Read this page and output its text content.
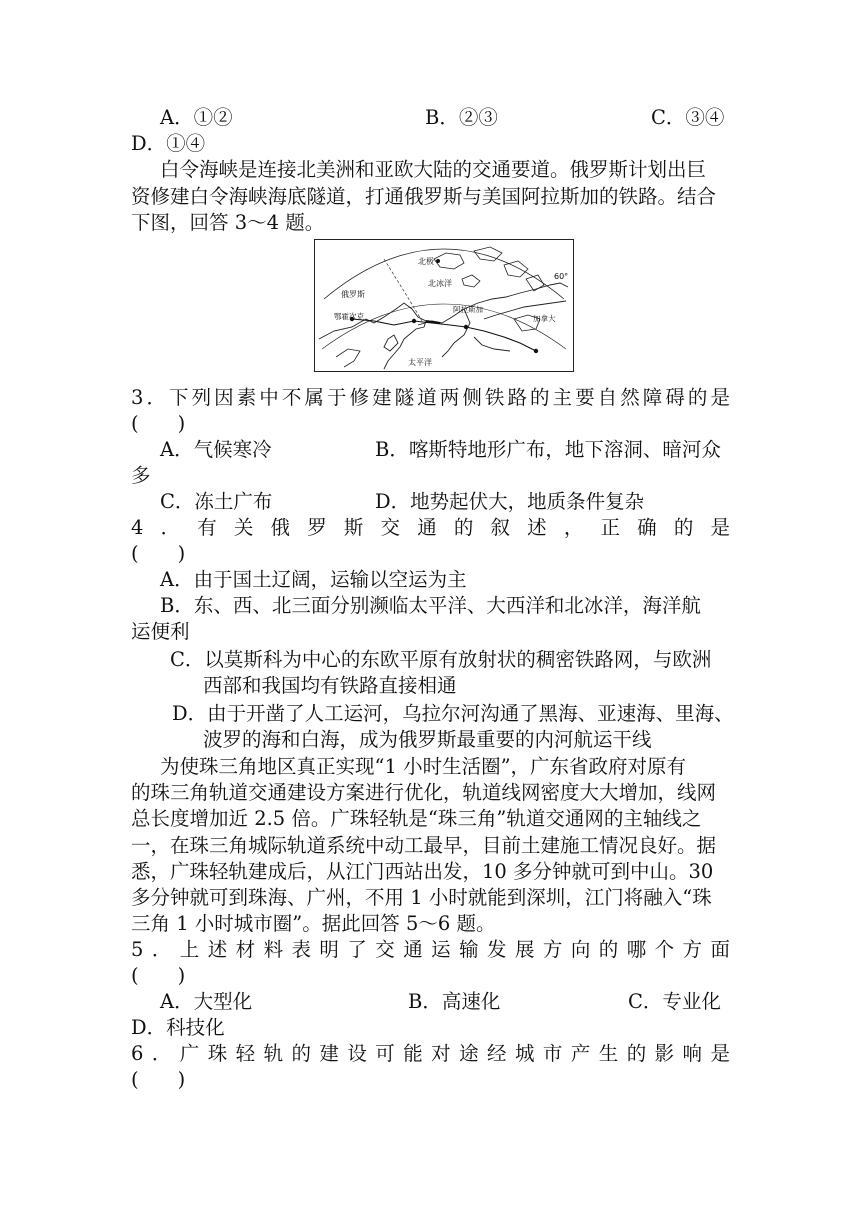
A．①②	B．②③	C．③④
D．①④
白令海峡是连接北美洲和亚欧大陆的交通要道。俄罗斯计划出巨
资修建白令海峡海底隧道，打通俄罗斯与美国阿拉斯加的铁路。结合
下图，回答 3～4 题。
北极
北冰洋
俄罗斯
鄂霍次克
阿拉斯加
加拿大
太平洋
60°
3．下列因素中不属于修建隧道两侧铁路的主要自然障碍的是
(　　)
A．气候寒冷	B．喀斯特地形广布，地下溶洞、暗河众
多
C．冻土广布	D．地势起伏大，地质条件复杂
4．有关俄罗斯交通的叙述，正确的是
(　　)
A．由于国土辽阔，运输以空运为主
B．东、西、北三面分别濒临太平洋、大西洋和北冰洋，海洋航
运便利
C．以莫斯科为中心的东欧平原有放射状的稠密铁路网，与欧洲
西部和我国均有铁路直接相通
D．由于开凿了人工运河，乌拉尔河沟通了黑海、亚速海、里海、
波罗的海和白海，成为俄罗斯最重要的内河航运干线
为使珠三角地区真正实现“1 小时生活圈”，广东省政府对原有
的珠三角轨道交通建设方案进行优化，轨道线网密度大大增加，线网
总长度增加近 2.5 倍。广珠轻轨是“珠三角”轨道交通网的主轴线之
一，在珠三角城际轨道系统中动工最早，目前土建施工情况良好。据
悉，广珠轻轨建成后，从江门西站出发，10 多分钟就可到中山。30
多分钟就可到珠海、广州，不用 1 小时就能到深圳，江门将融入“珠
三角 1 小时城市圈”。据此回答 5～6 题。
5．上述材料表明了交通运输发展方向的哪个方面
(　　)
A．大型化	B．高速化	C．专业化
D．科技化
6．广珠轻轨的建设可能对途经城市产生的影响是
(　　)
